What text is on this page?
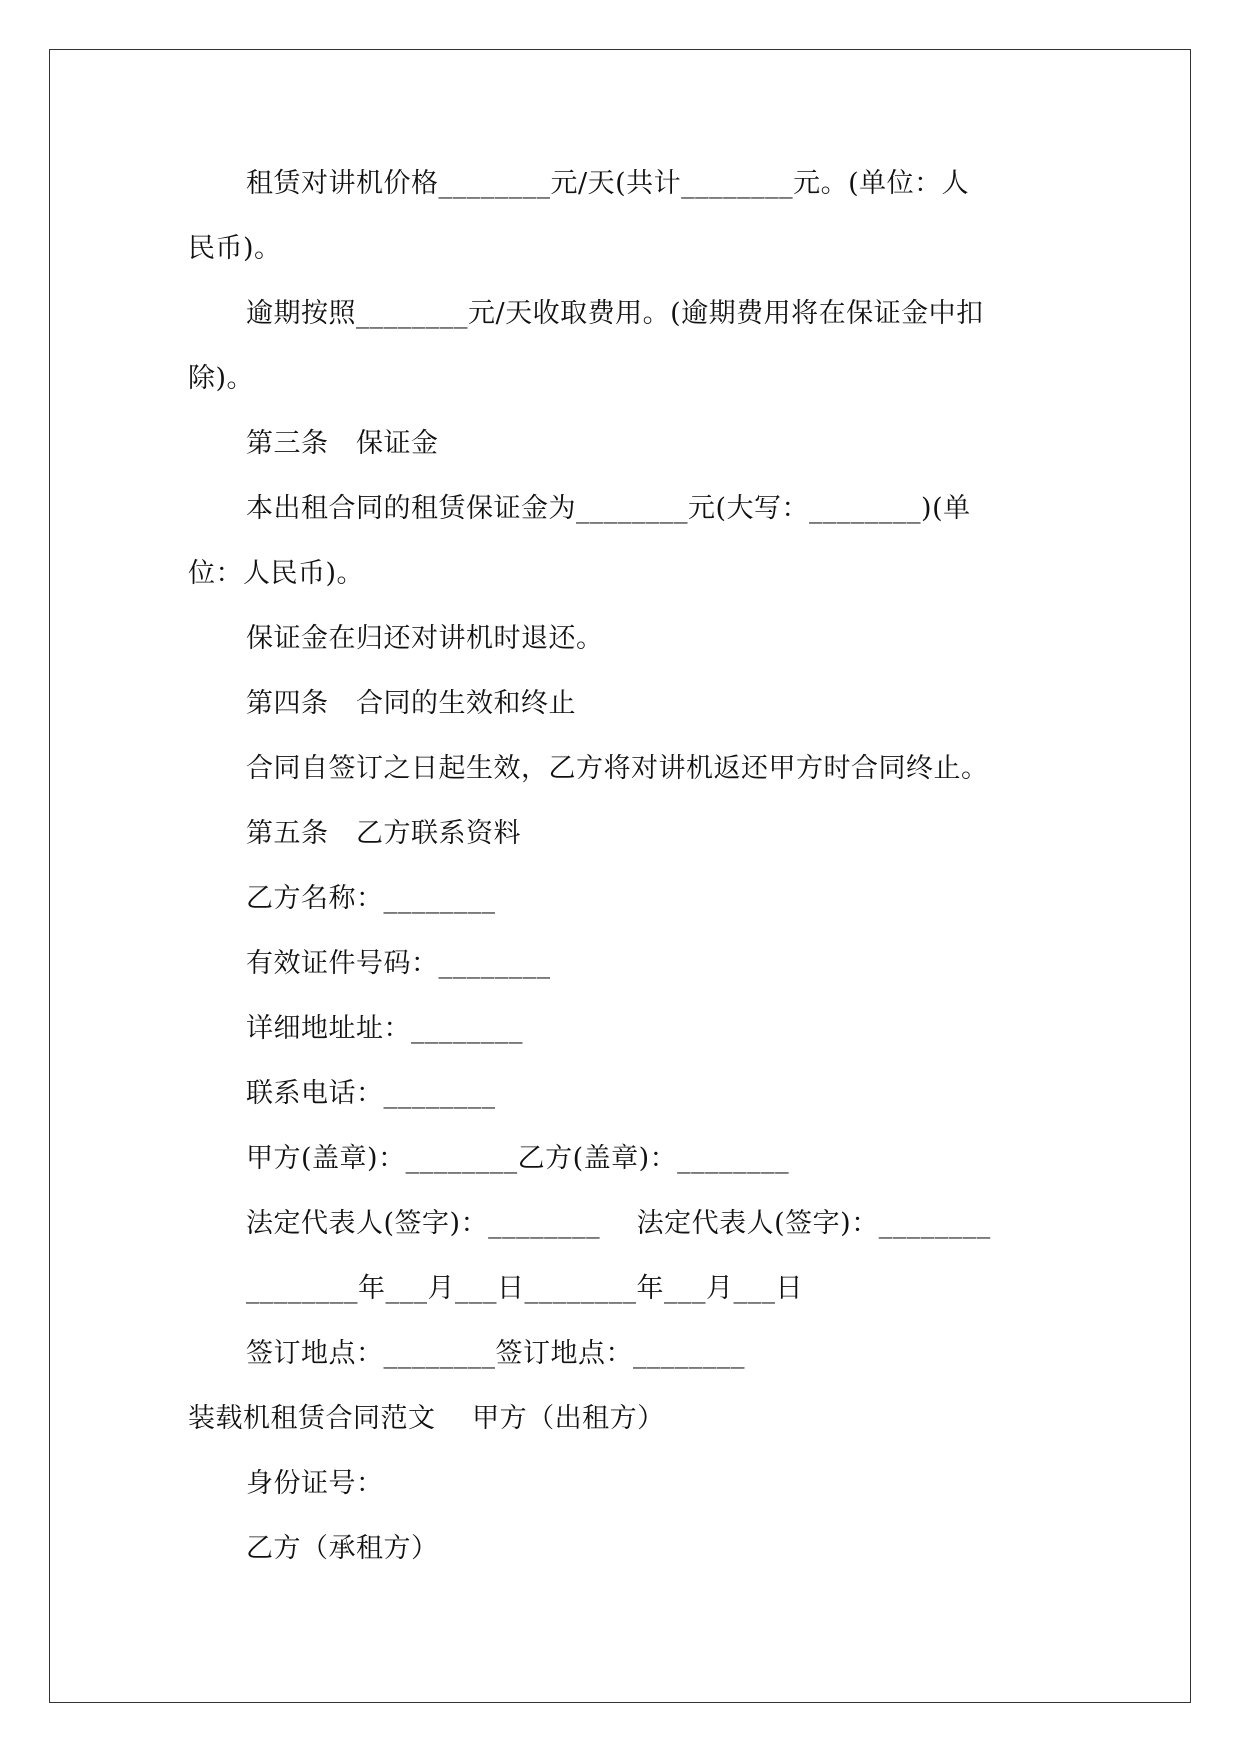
租赁对讲机价格________元/天(共计________元。(单位：人
民币)。
逾期按照________元/天收取费用。(逾期费用将在保证金中扣
除)。
第三条　保证金
本出租合同的租赁保证金为________元(大写：________)(单
位：人民币)。
保证金在归还对讲机时退还。
第四条　合同的生效和终止
合同自签订之日起生效，乙方将对讲机返还甲方时合同终止。
第五条　乙方联系资料
乙方名称：________
有效证件号码：________
详细地址址：________
联系电话：________
甲方(盖章)：________乙方(盖章)：________
法定代表人(签字)：________　 法定代表人(签字)：________
________年___月___日________年___月___日
签订地点：________签订地点：________
装载机租赁合同范文　 甲方（出租方）
身份证号：
乙方（承租方）
